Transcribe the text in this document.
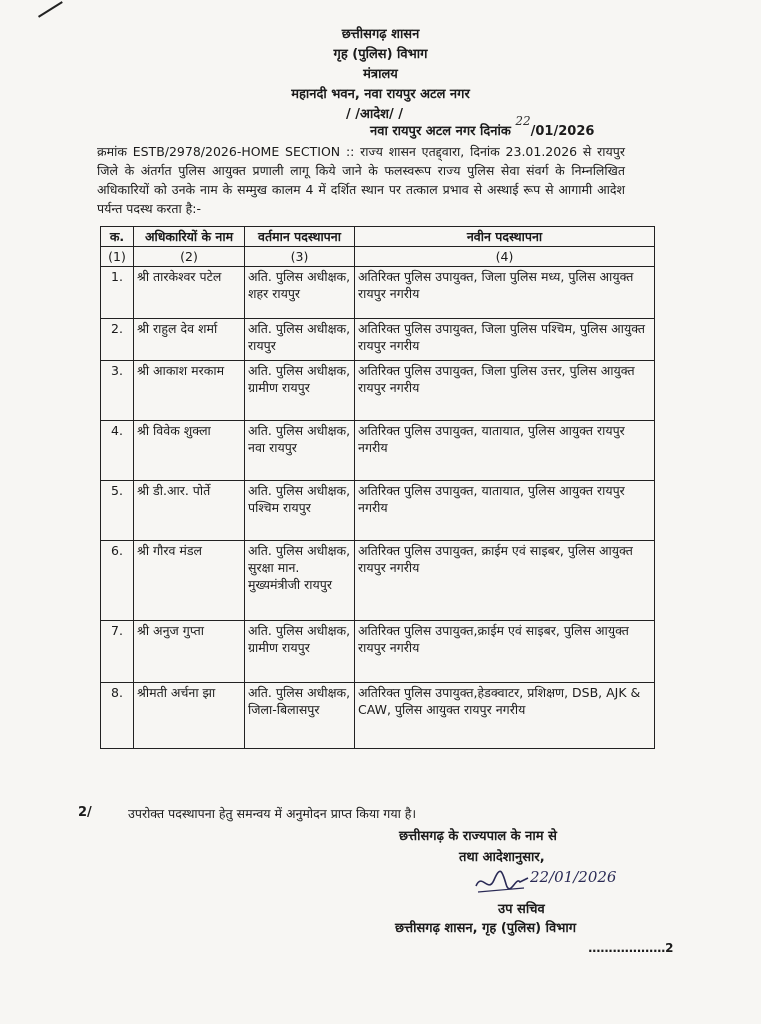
छत्तीसगढ़ शासन
गृह (पुलिस) विभाग
मंत्रालय
महानदी भवन, नवा रायपुर अटल नगर
/ /आदेश/ /
नवा रायपुर अटल नगर दिनांक 22/01/2026
क्रमांक ESTB/2978/2026-HOME SECTION :: राज्य शासन एतद्द्वारा, दिनांक 23.01.2026 से रायपुर जिले के अंतर्गत पुलिस आयुक्त प्रणाली लागू किये जाने के फलस्वरूप राज्य पुलिस सेवा संवर्ग के निम्नलिखित अधिकारियों को उनके नाम के सम्मुख कालम 4 में दर्शित स्थान पर तत्काल प्रभाव से अस्थाई रूप से आगामी आदेश पर्यन्त पदस्थ करता है:-
क.	अधिकारियों के नाम	वर्तमान पदस्थापना	नवीन पदस्थापना
(1)	(2)	(3)	(4)
1.	श्री तारकेश्वर पटेल	अति. पुलिस अधीक्षक, शहर रायपुर	अतिरिक्त पुलिस उपायुक्त, जिला पुलिस मध्य, पुलिस आयुक्त रायपुर नगरीय
2.	श्री राहुल देव शर्मा	अति. पुलिस अधीक्षक, रायपुर	अतिरिक्त पुलिस उपायुक्त, जिला पुलिस पश्चिम, पुलिस आयुक्त रायपुर नगरीय
3.	श्री आकाश मरकाम	अति. पुलिस अधीक्षक, ग्रामीण रायपुर	अतिरिक्त पुलिस उपायुक्त, जिला पुलिस उत्तर, पुलिस आयुक्त रायपुर नगरीय
4.	श्री विवेक शुक्ला	अति. पुलिस अधीक्षक, नवा रायपुर	अतिरिक्त पुलिस उपायुक्त, यातायात, पुलिस आयुक्त रायपुर नगरीय
5.	श्री डी.आर. पोर्ते	अति. पुलिस अधीक्षक, पश्चिम रायपुर	अतिरिक्त पुलिस उपायुक्त, यातायात, पुलिस आयुक्त रायपुर नगरीय
6.	श्री गौरव मंडल	अति. पुलिस अधीक्षक, सुरक्षा मान. मुख्यमंत्रीजी रायपुर	अतिरिक्त पुलिस उपायुक्त, क्राईम एवं साइबर, पुलिस आयुक्त रायपुर नगरीय
7.	श्री अनुज गुप्ता	अति. पुलिस अधीक्षक, ग्रामीण रायपुर	अतिरिक्त पुलिस उपायुक्त,क्राईम एवं साइबर, पुलिस आयुक्त रायपुर नगरीय
8.	श्रीमती अर्चना झा	अति. पुलिस अधीक्षक, जिला-बिलासपुर	अतिरिक्त पुलिस उपायुक्त,हेडक्वाटर, प्रशिक्षण, DSB, AJK & CAW, पुलिस आयुक्त रायपुर नगरीय
2/	उपरोक्त पदस्थापना हेतु समन्वय में अनुमोदन प्राप्त किया गया है।
छत्तीसगढ़ के राज्यपाल के नाम से
तथा आदेशानुसार,
22/01/2026
उप सचिव
छत्तीसगढ़ शासन, गृह (पुलिस) विभाग
...................2
